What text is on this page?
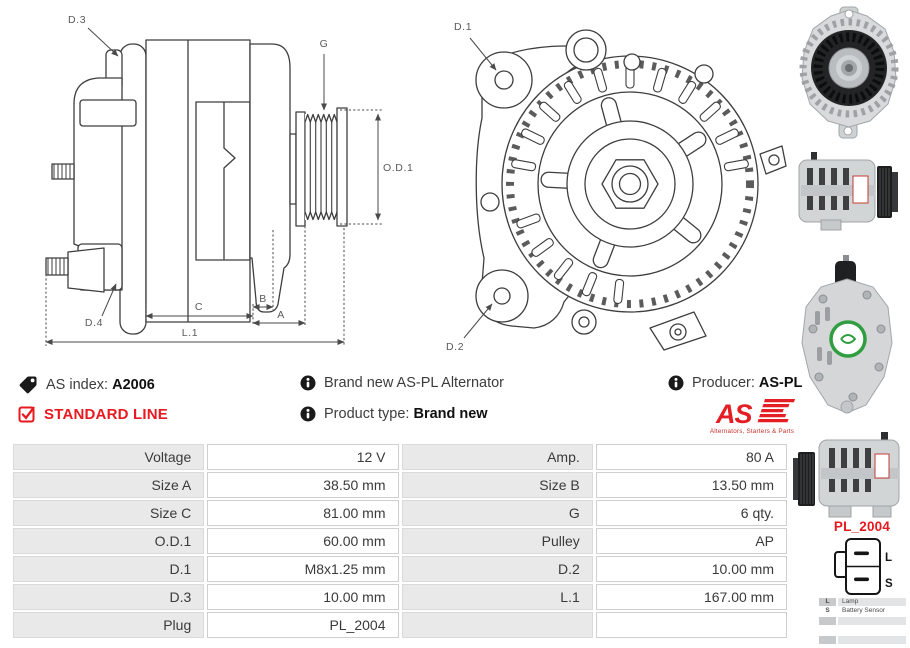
D.3
G
O.D.1
D.4
C
B
A
L.1
D.1
D.2
AS index: A2006	Brand new AS-PL Alternator	Producer: AS-PL
STANDARD LINE	Product type: Brand new	AS
Alternators, Starters & Parts
Voltage	12 V	Amp.	80 A
Size A	38.50 mm	Size B	13.50 mm
Size C	81.00 mm	G	6 qty.
O.D.1	60.00 mm	Pulley	AP
D.1	M8x1.25 mm	D.2	10.00 mm
D.3	10.00 mm	L.1	167.00 mm
Plug	PL_2004		
PL_2004
L
S
L	Lamp
S	Battery Sensor
